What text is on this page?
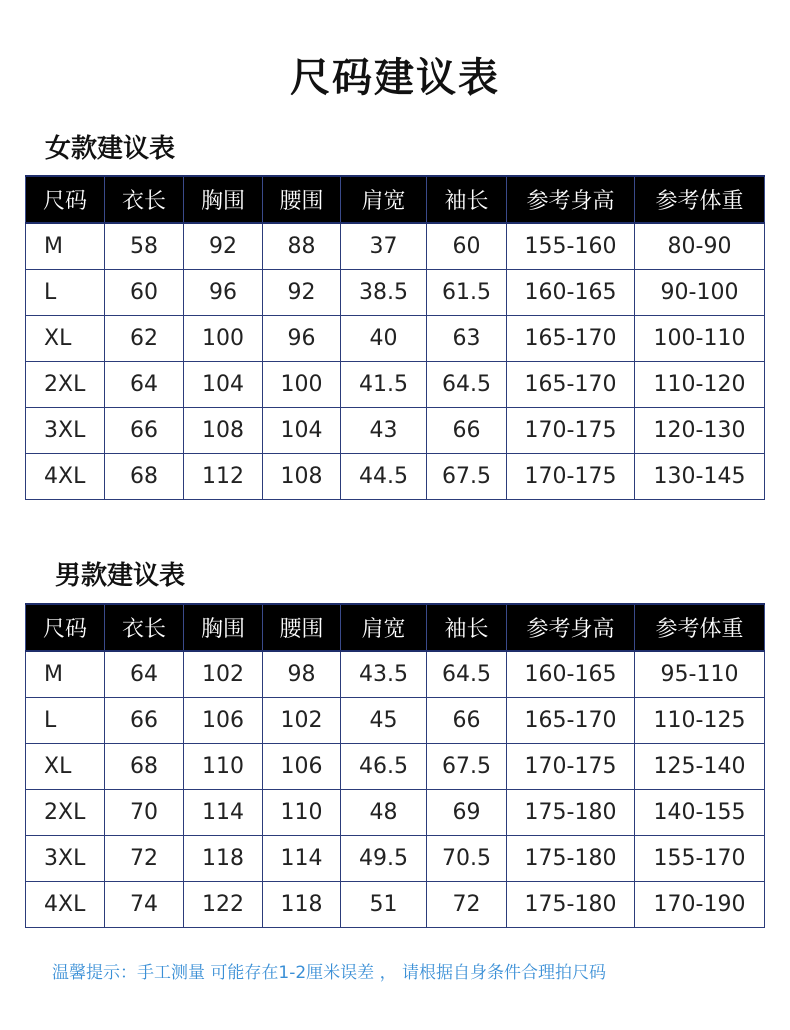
尺码建议表
女款建议表
尺码	衣长	胸围	腰围	肩宽	袖长	参考身高	参考体重
M	58	92	88	37	60	155-160	80-90
L	60	96	92	38.5	61.5	160-165	90-100
XL	62	100	96	40	63	165-170	100-110
2XL	64	104	100	41.5	64.5	165-170	110-120
3XL	66	108	104	43	66	170-175	120-130
4XL	68	112	108	44.5	67.5	170-175	130-145
男款建议表
尺码	衣长	胸围	腰围	肩宽	袖长	参考身高	参考体重
M	64	102	98	43.5	64.5	160-165	95-110
L	66	106	102	45	66	165-170	110-125
XL	68	110	106	46.5	67.5	170-175	125-140
2XL	70	114	110	48	69	175-180	140-155
3XL	72	118	114	49.5	70.5	175-180	155-170
4XL	74	122	118	51	72	175-180	170-190
温馨提示：手工测量 可能存在1-2厘米误差 ， 请根据自身条件合理拍尺码
